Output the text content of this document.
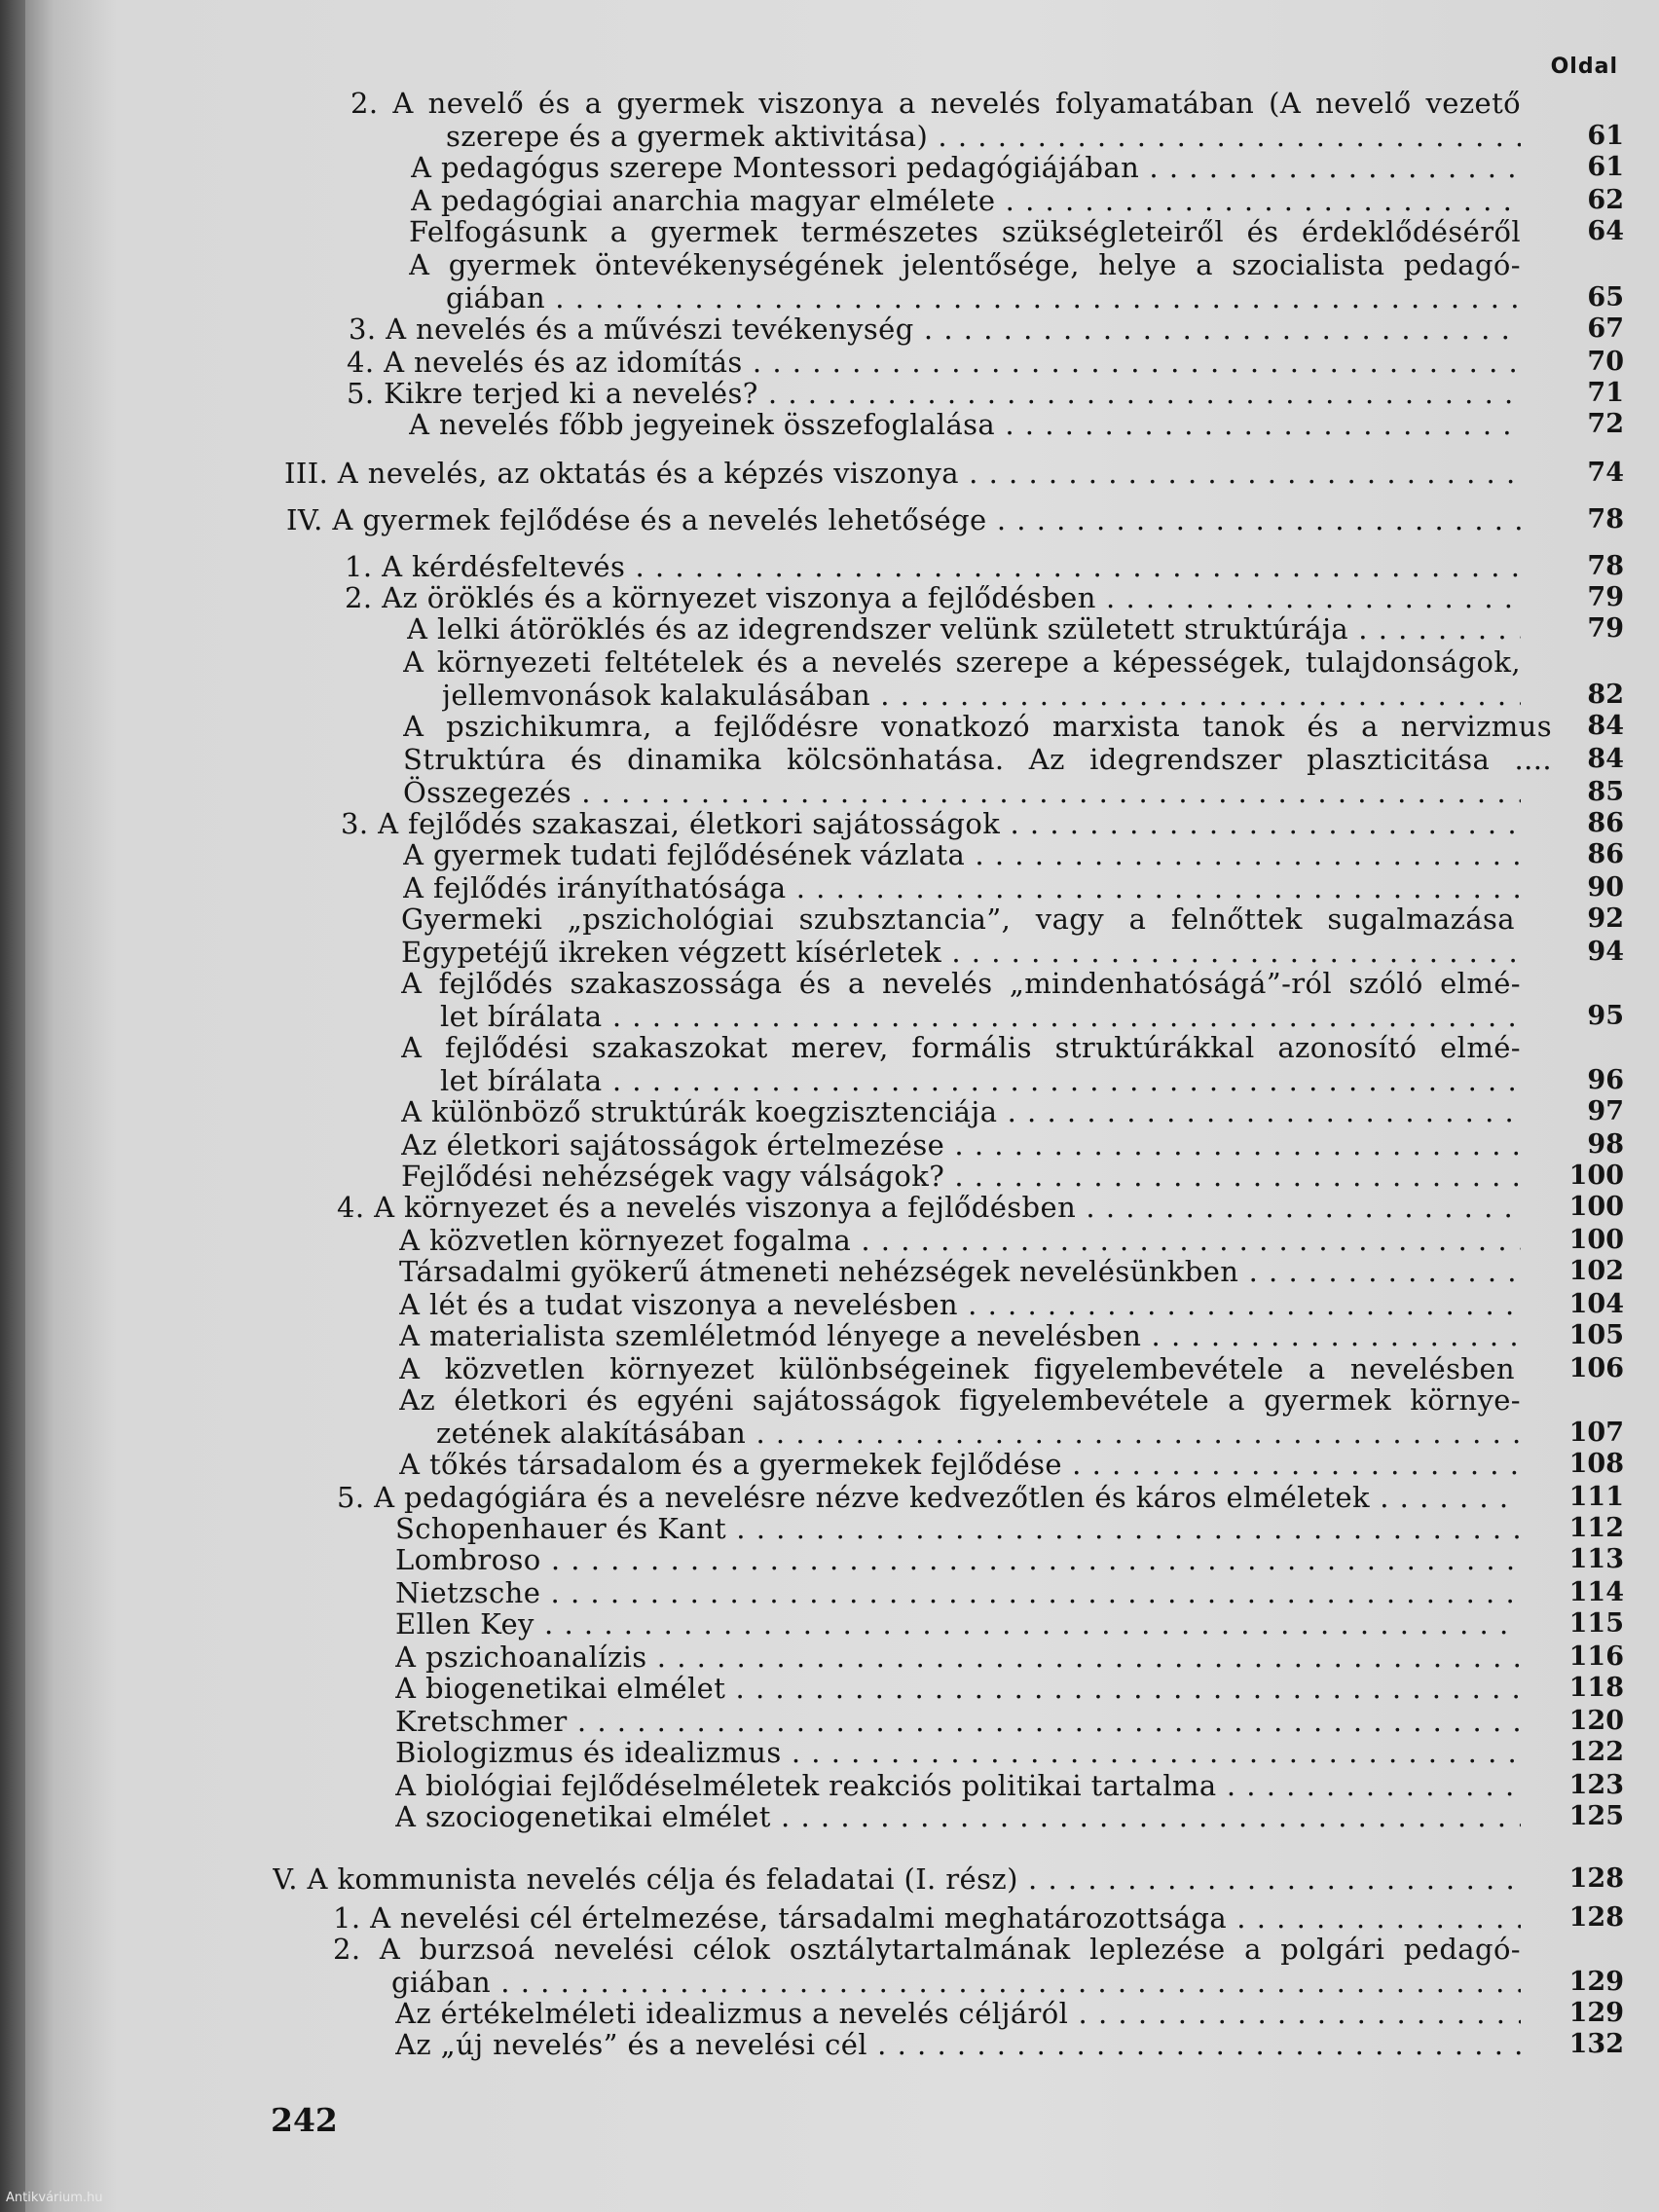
Oldal
2. A nevelő és a gyermek viszonya a nevelés folyamatában (A nevelő vezető
szerepe és a gyermek aktivitása) . . .	61
A pedagógus szerepe Montessori pedagógiájában . . .	61
A pedagógiai anarchia magyar elmélete . . .	62
Felfogásunk a gyermek természetes szükségleteiről és érdeklődéséről	64
A gyermek öntevékenységének jelentősége, helye a szocialista pedagó-
giában . . .	65
3. A nevelés és a művészi tevékenység . . .	67
4. A nevelés és az idomítás . . .	70
5. Kikre terjed ki a nevelés? . . .	71
A nevelés főbb jegyeinek összefoglalása . . .	72
III. A nevelés, az oktatás és a képzés viszonya . . .	74
IV. A gyermek fejlődése és a nevelés lehetősége . . .	78
1. A kérdésfeltevés . . .	78
2. Az öröklés és a környezet viszonya a fejlődésben . . .	79
A lelki átöröklés és az idegrendszer velünk született struktúrája . . .	79
A környezeti feltételek és a nevelés szerepe a képességek, tulajdonságok,
jellemvonások kalakulásában . . .	82
A pszichikumra, a fejlődésre vonatkozó marxista tanok és a nervizmus	84
Struktúra és dinamika kölcsönhatása. Az idegrendszer plaszticitása ....	84
Összegezés . . .	85
3. A fejlődés szakaszai, életkori sajátosságok . . .	86
A gyermek tudati fejlődésének vázlata . . .	86
A fejlődés irányíthatósága . . .	90
Gyermeki „pszichológiai szubsztancia”, vagy a felnőttek sugalmazása	92
Egypetéjű ikreken végzett kísérletek . . .	94
A fejlődés szakaszossága és a nevelés „mindenhatóságá”-ról szóló elmé-
let bírálata . . .	95
A fejlődési szakaszokat merev, formális struktúrákkal azonosító elmé-
let bírálata . . .	96
A különböző struktúrák koegzisztenciája . . .	97
Az életkori sajátosságok értelmezése . . .	98
Fejlődési nehézségek vagy válságok? . . .	100
4. A környezet és a nevelés viszonya a fejlődésben . . .	100
A közvetlen környezet fogalma . . .	100
Társadalmi gyökerű átmeneti nehézségek nevelésünkben . . .	102
A lét és a tudat viszonya a nevelésben . . .	104
A materialista szemléletmód lényege a nevelésben . . .	105
A közvetlen környezet különbségeinek figyelembevétele a nevelésben	106
Az életkori és egyéni sajátosságok figyelembevétele a gyermek környe-
zetének alakításában . . .	107
A tőkés társadalom és a gyermekek fejlődése . . .	108
5. A pedagógiára és a nevelésre nézve kedvezőtlen és káros elméletek . . .	111
Schopenhauer és Kant . . .	112
Lombroso . . .	113
Nietzsche . . .	114
Ellen Key . . .	115
A pszichoanalízis . . .	116
A biogenetikai elmélet . . .	118
Kretschmer . . .	120
Biologizmus és idealizmus . . .	122
A biológiai fejlődéselméletek reakciós politikai tartalma . . .	123
A szociogenetikai elmélet . . .	125
V. A kommunista nevelés célja és feladatai (I. rész) . . .	128
1. A nevelési cél értelmezése, társadalmi meghatározottsága . . .	128
2. A burzsoá nevelési célok osztálytartalmának leplezése a polgári pedagó-
giában . . .	129
Az értékelméleti idealizmus a nevelés céljáról . . .	129
Az „új nevelés” és a nevelési cél . . .	132
242
Antikvárium.hu
